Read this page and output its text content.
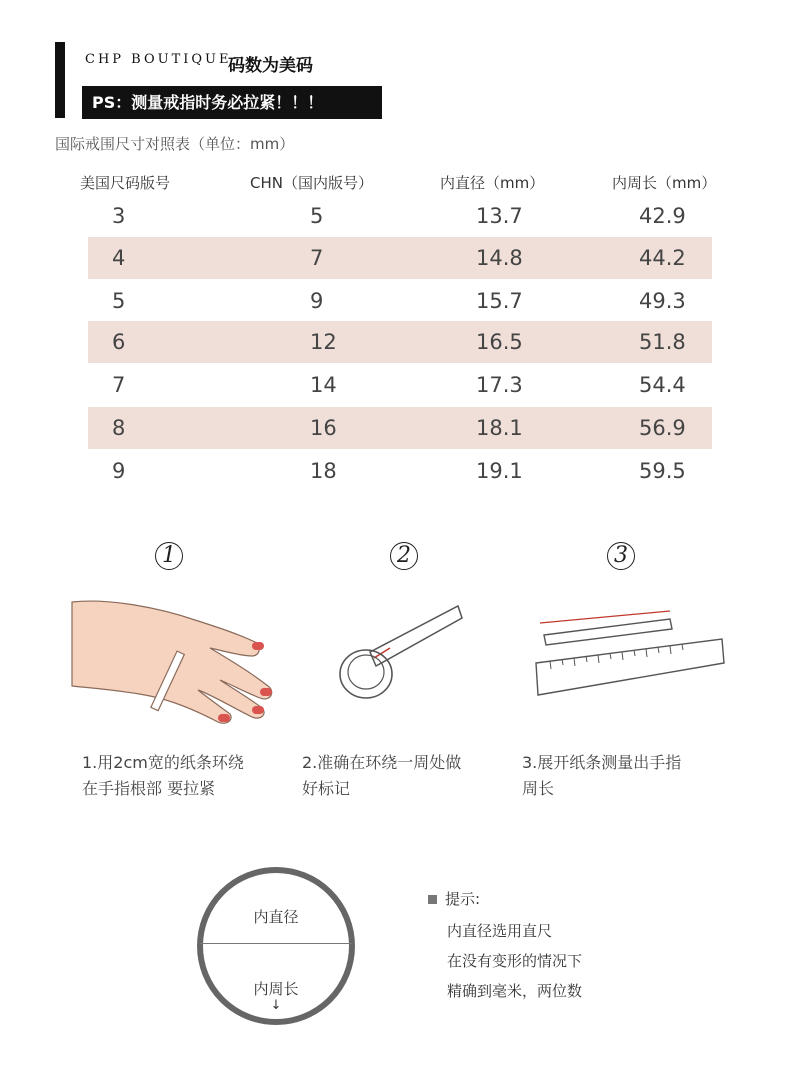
CHP BOUTIQUE
码数为美码
PS：测量戒指时务必拉紧！！！
国际戒围尺寸对照表（单位：mm）
美国尺码版号	CHN（国内版号）	内直径（mm）	内周长（mm）
3	5	13.7	42.9
4	7	14.8	44.2
5	9	15.7	49.3
6	12	16.5	51.8
7	14	17.3	54.4
8	16	18.1	56.9
9	18	19.1	59.5
1	2	3
1.用2cm宽的纸条环绕
在手指根部 要拉紧
2.准确在环绕一周处做
好标记
3.展开纸条测量出手指
周长
内直径
内周长
↓
提示:
内直径选用直尺
在没有变形的情况下
精确到毫米，两位数
